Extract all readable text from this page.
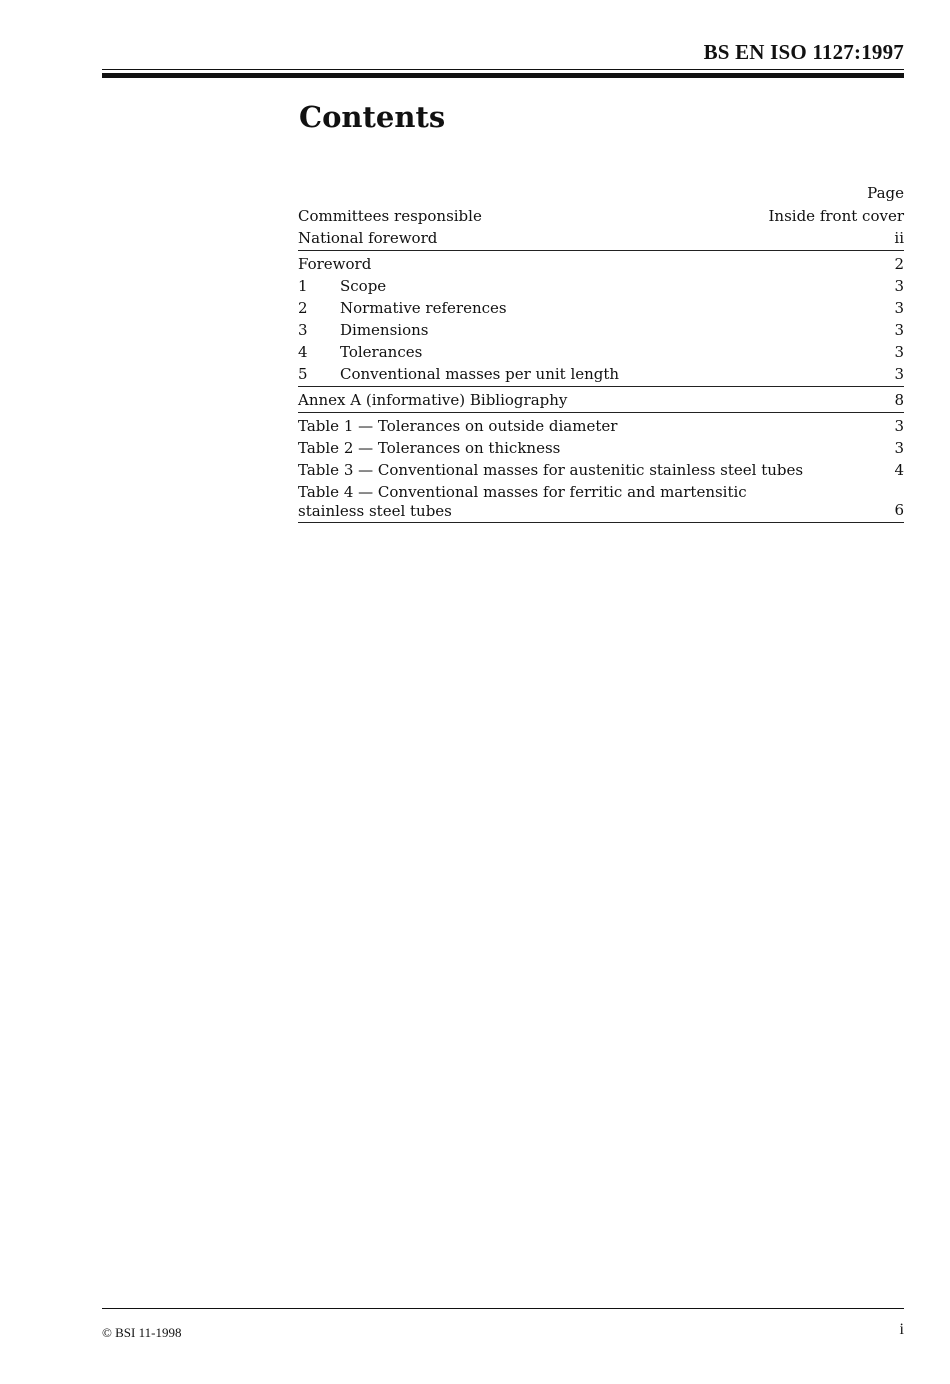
BS EN ISO 1127:1997
Contents
Page
Committees responsible	Inside front cover
National foreword	ii
Foreword	2
1	Scope	3
2	Normative references	3
3	Dimensions	3
4	Tolerances	3
5	Conventional masses per unit length	3
Annex A (informative) Bibliography	8
Table 1 — Tolerances on outside diameter	3
Table 2 — Tolerances on thickness	3
Table 3 — Conventional masses for austenitic stainless steel tubes	4
Table 4 — Conventional masses for ferritic and martensitic stainless steel tubes	6
© BSI 11-1998	i
